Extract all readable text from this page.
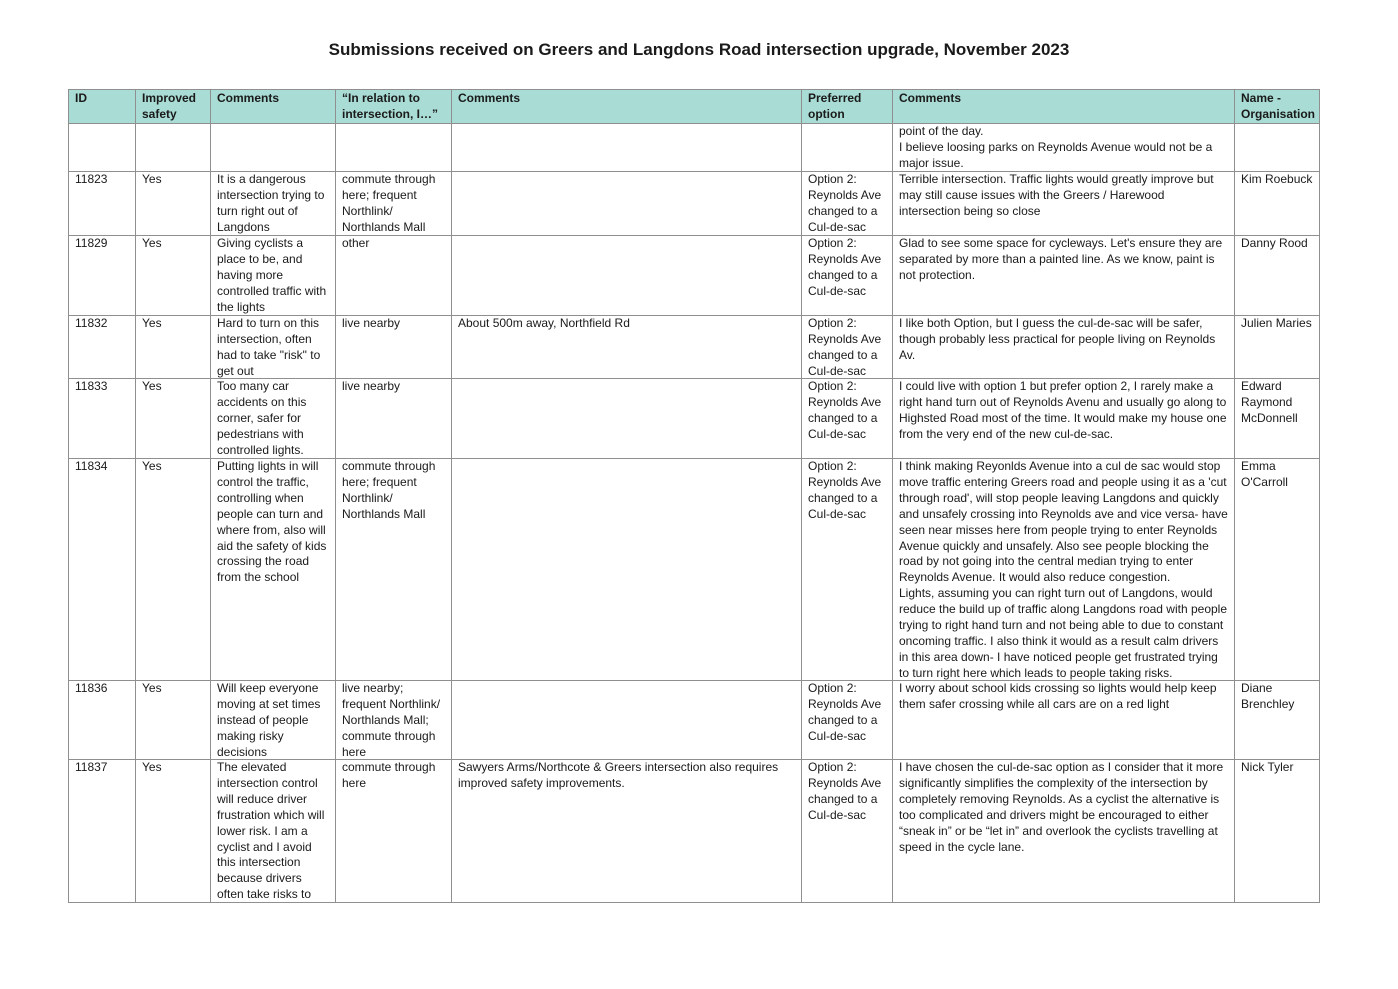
Submissions received on Greers and Langdons Road intersection upgrade, November 2023
ID	Improved safety	Comments	“In relation to intersection, I…”	Comments	Preferred option	Comments	Name - Organisation

						point of the day.
I believe loosing parks on Reynolds Avenue would not be a major issue.	

11823	Yes	It is a dangerous intersection trying to turn right out of Langdons	commute through here; frequent Northlink/ Northlands Mall		Option 2: Reynolds Ave changed to a Cul-de-sac	Terrible intersection. Traffic lights would greatly improve but may still cause issues with the Greers / Harewood intersection being so close	Kim Roebuck

11829	Yes	Giving cyclists a place to be, and having more controlled traffic with the lights	other		Option 2: Reynolds Ave changed to a Cul-de-sac	Glad to see some space for cycleways. Let's ensure they are separated by more than a painted line. As we know, paint is not protection.	Danny Rood

11832	Yes	Hard to turn on this intersection, often had to take "risk" to get out	live nearby	About 500m away, Northfield Rd	Option 2: Reynolds Ave changed to a Cul-de-sac	I like both Option, but I guess the cul-de-sac will be safer, though probably less practical for people living on Reynolds Av.	Julien Maries

11833	Yes	Too many car accidents on this corner, safer for pedestrians with controlled lights.	live nearby		Option 2: Reynolds Ave changed to a Cul-de-sac	I could live with option 1 but prefer option 2, I rarely make a right hand turn out of Reynolds Avenu and usually go along to Highsted Road most of the time. It would make my house one from the very end of the new cul-de-sac.	Edward Raymond McDonnell

11834	Yes	Putting lights in will control the traffic, controlling when people can turn and where from, also will aid the safety of kids crossing the road from the school	commute through here; frequent Northlink/ Northlands Mall		Option 2: Reynolds Ave changed to a Cul-de-sac	I think making Reyonlds Avenue into a cul de sac would stop move traffic entering Greers road and people using it as a 'cut through road', will stop people leaving Langdons and quickly and unsafely crossing into Reynolds ave and vice versa- have seen near misses here from people trying to enter Reynolds Avenue quickly and unsafely. Also see people blocking the road by not going into the central median trying to enter Reynolds Avenue. It would also reduce congestion.
Lights, assuming you can right turn out of Langdons, would reduce the build up of traffic along Langdons road with people trying to right hand turn and not being able to due to constant oncoming traffic. I also think it would as a result calm drivers in this area down- I have noticed people get frustrated trying to turn right here which leads to people taking risks.	Emma O'Carroll

11836	Yes	Will keep everyone moving at set times instead of people making risky decisions	live nearby; frequent Northlink/ Northlands Mall; commute through here		Option 2: Reynolds Ave changed to a Cul-de-sac	I worry about school kids crossing so lights would help keep them safer crossing while all cars are on a red light	Diane Brenchley

11837	Yes	The elevated intersection control will reduce driver frustration which will lower risk. I am a cyclist and I avoid this intersection because drivers often take risks to	commute through here	Sawyers Arms/Northcote & Greers intersection also requires improved safety improvements.	Option 2: Reynolds Ave changed to a Cul-de-sac	I have chosen the cul-de-sac option as I consider that it more significantly simplifies the complexity of the intersection by completely removing Reynolds. As a cyclist the alternative is too complicated and drivers might be encouraged to either “sneak in” or be “let in” and overlook the cyclists travelling at speed in the cycle lane.	Nick Tyler
